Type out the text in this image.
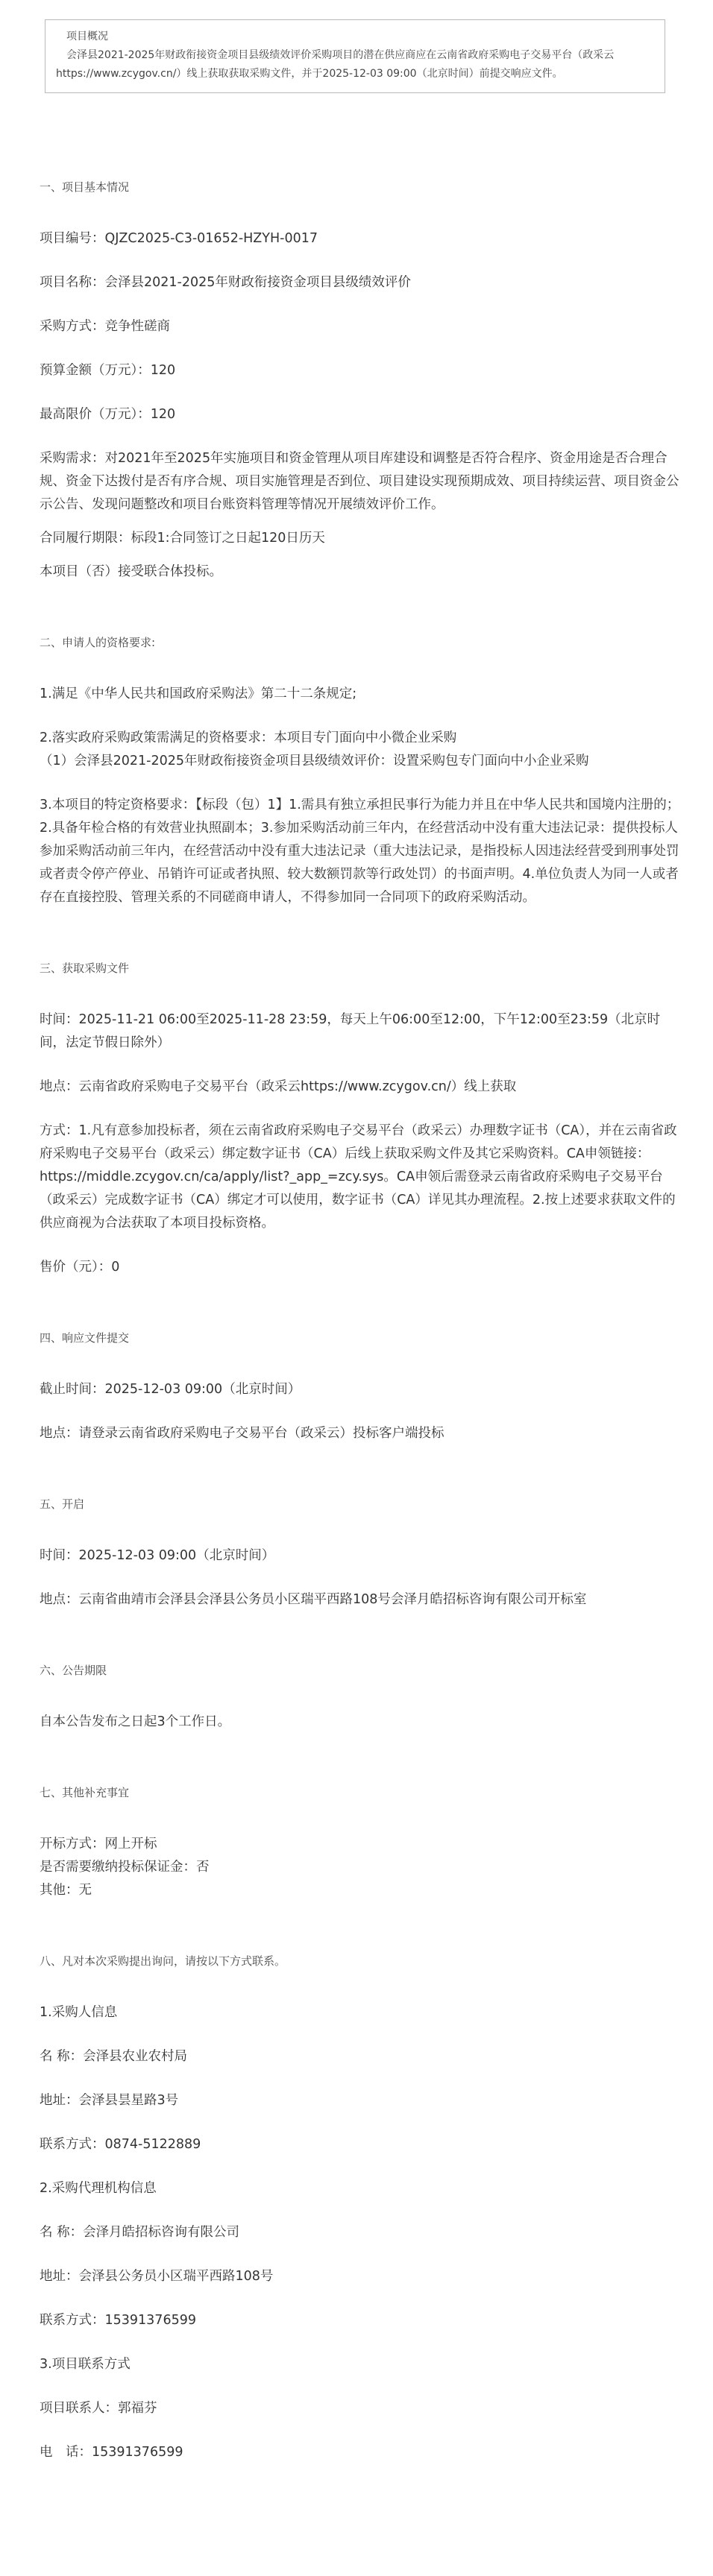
项目概况
会泽县2021-2025年财政衔接资金项目县级绩效评价采购项目的潜在供应商应在云南省政府采购电子交易平台（政采云https://www.zcygov.cn/）线上获取获取采购文件，并于2025-12-03 09:00（北京时间）前提交响应文件。
一、项目基本情况

项目编号：QJZC2025-C3-01652-HZYH-0017

项目名称：会泽县2021-2025年财政衔接资金项目县级绩效评价

采购方式：竞争性磋商

预算金额（万元）：120

最高限价（万元）：120

采购需求：对2021年至2025年实施项目和资金管理从项目库建设和调整是否符合程序、资金用途是否合理合规、资金下达拨付是否有序合规、项目实施管理是否到位、项目建设实现预期成效、项目持续运营、项目资金公示公告、发现问题整改和项目台账资料管理等情况开展绩效评价工作。

合同履行期限：标段1:合同签订之日起120日历天

本项目（否）接受联合体投标。

二、申请人的资格要求:

1.满足《中华人民共和国政府采购法》第二十二条规定;

2.落实政府采购政策需满足的资格要求：本项目专门面向中小微企业采购

（1）会泽县2021-2025年财政衔接资金项目县级绩效评价：设置采购包专门面向中小企业采购

3.本项目的特定资格要求：【标段（包）1】1.需具有独立承担民事行为能力并且在中华人民共和国境内注册的；2.具备年检合格的有效营业执照副本；3.参加采购活动前三年内，在经营活动中没有重大违法记录：提供投标人参加采购活动前三年内，在经营活动中没有重大违法记录（重大违法记录，是指投标人因违法经营受到刑事处罚或者责令停产停业、吊销许可证或者执照、较大数额罚款等行政处罚）的书面声明。4.单位负责人为同一人或者存在直接控股、管理关系的不同磋商申请人，不得参加同一合同项下的政府采购活动。

三、获取采购文件

时间：2025-11-21 06:00至2025-11-28 23:59，每天上午06:00至12:00，下午12:00至23:59（北京时间，法定节假日除外）

地点：云南省政府采购电子交易平台（政采云https://www.zcygov.cn/）线上获取

方式：1.凡有意参加投标者，须在云南省政府采购电子交易平台（政采云）办理数字证书（CA），并在云南省政府采购电子交易平台（政采云）绑定数字证书（CA）后线上获取采购文件及其它采购资料。CA申领链接：https://middle.zcygov.cn/ca/apply/list?_app_=zcy.sys。CA申领后需登录云南省政府采购电子交易平台（政采云）完成数字证书（CA）绑定才可以使用，数字证书（CA）详见其办理流程。2.按上述要求获取文件的供应商视为合法获取了本项目投标资格。

售价（元）：0

四、响应文件提交

截止时间：2025-12-03 09:00（北京时间）

地点：请登录云南省政府采购电子交易平台（政采云）投标客户端投标

五、开启

时间：2025-12-03 09:00（北京时间）

地点：云南省曲靖市会泽县会泽县公务员小区瑞平西路108号会泽月皓招标咨询有限公司开标室

六、公告期限

自本公告发布之日起3个工作日。

七、其他补充事宜

开标方式：网上开标

是否需要缴纳投标保证金：否

其他：无

八、凡对本次采购提出询问，请按以下方式联系。

1.采购人信息

名 称：会泽县农业农村局

地址：会泽县昙星路3号

联系方式：0874-5122889

2.采购代理机构信息

名 称：会泽月皓招标咨询有限公司

地址：会泽县公务员小区瑞平西路108号

联系方式：15391376599

3.项目联系方式

项目联系人：郭福芬

电　话：15391376599
